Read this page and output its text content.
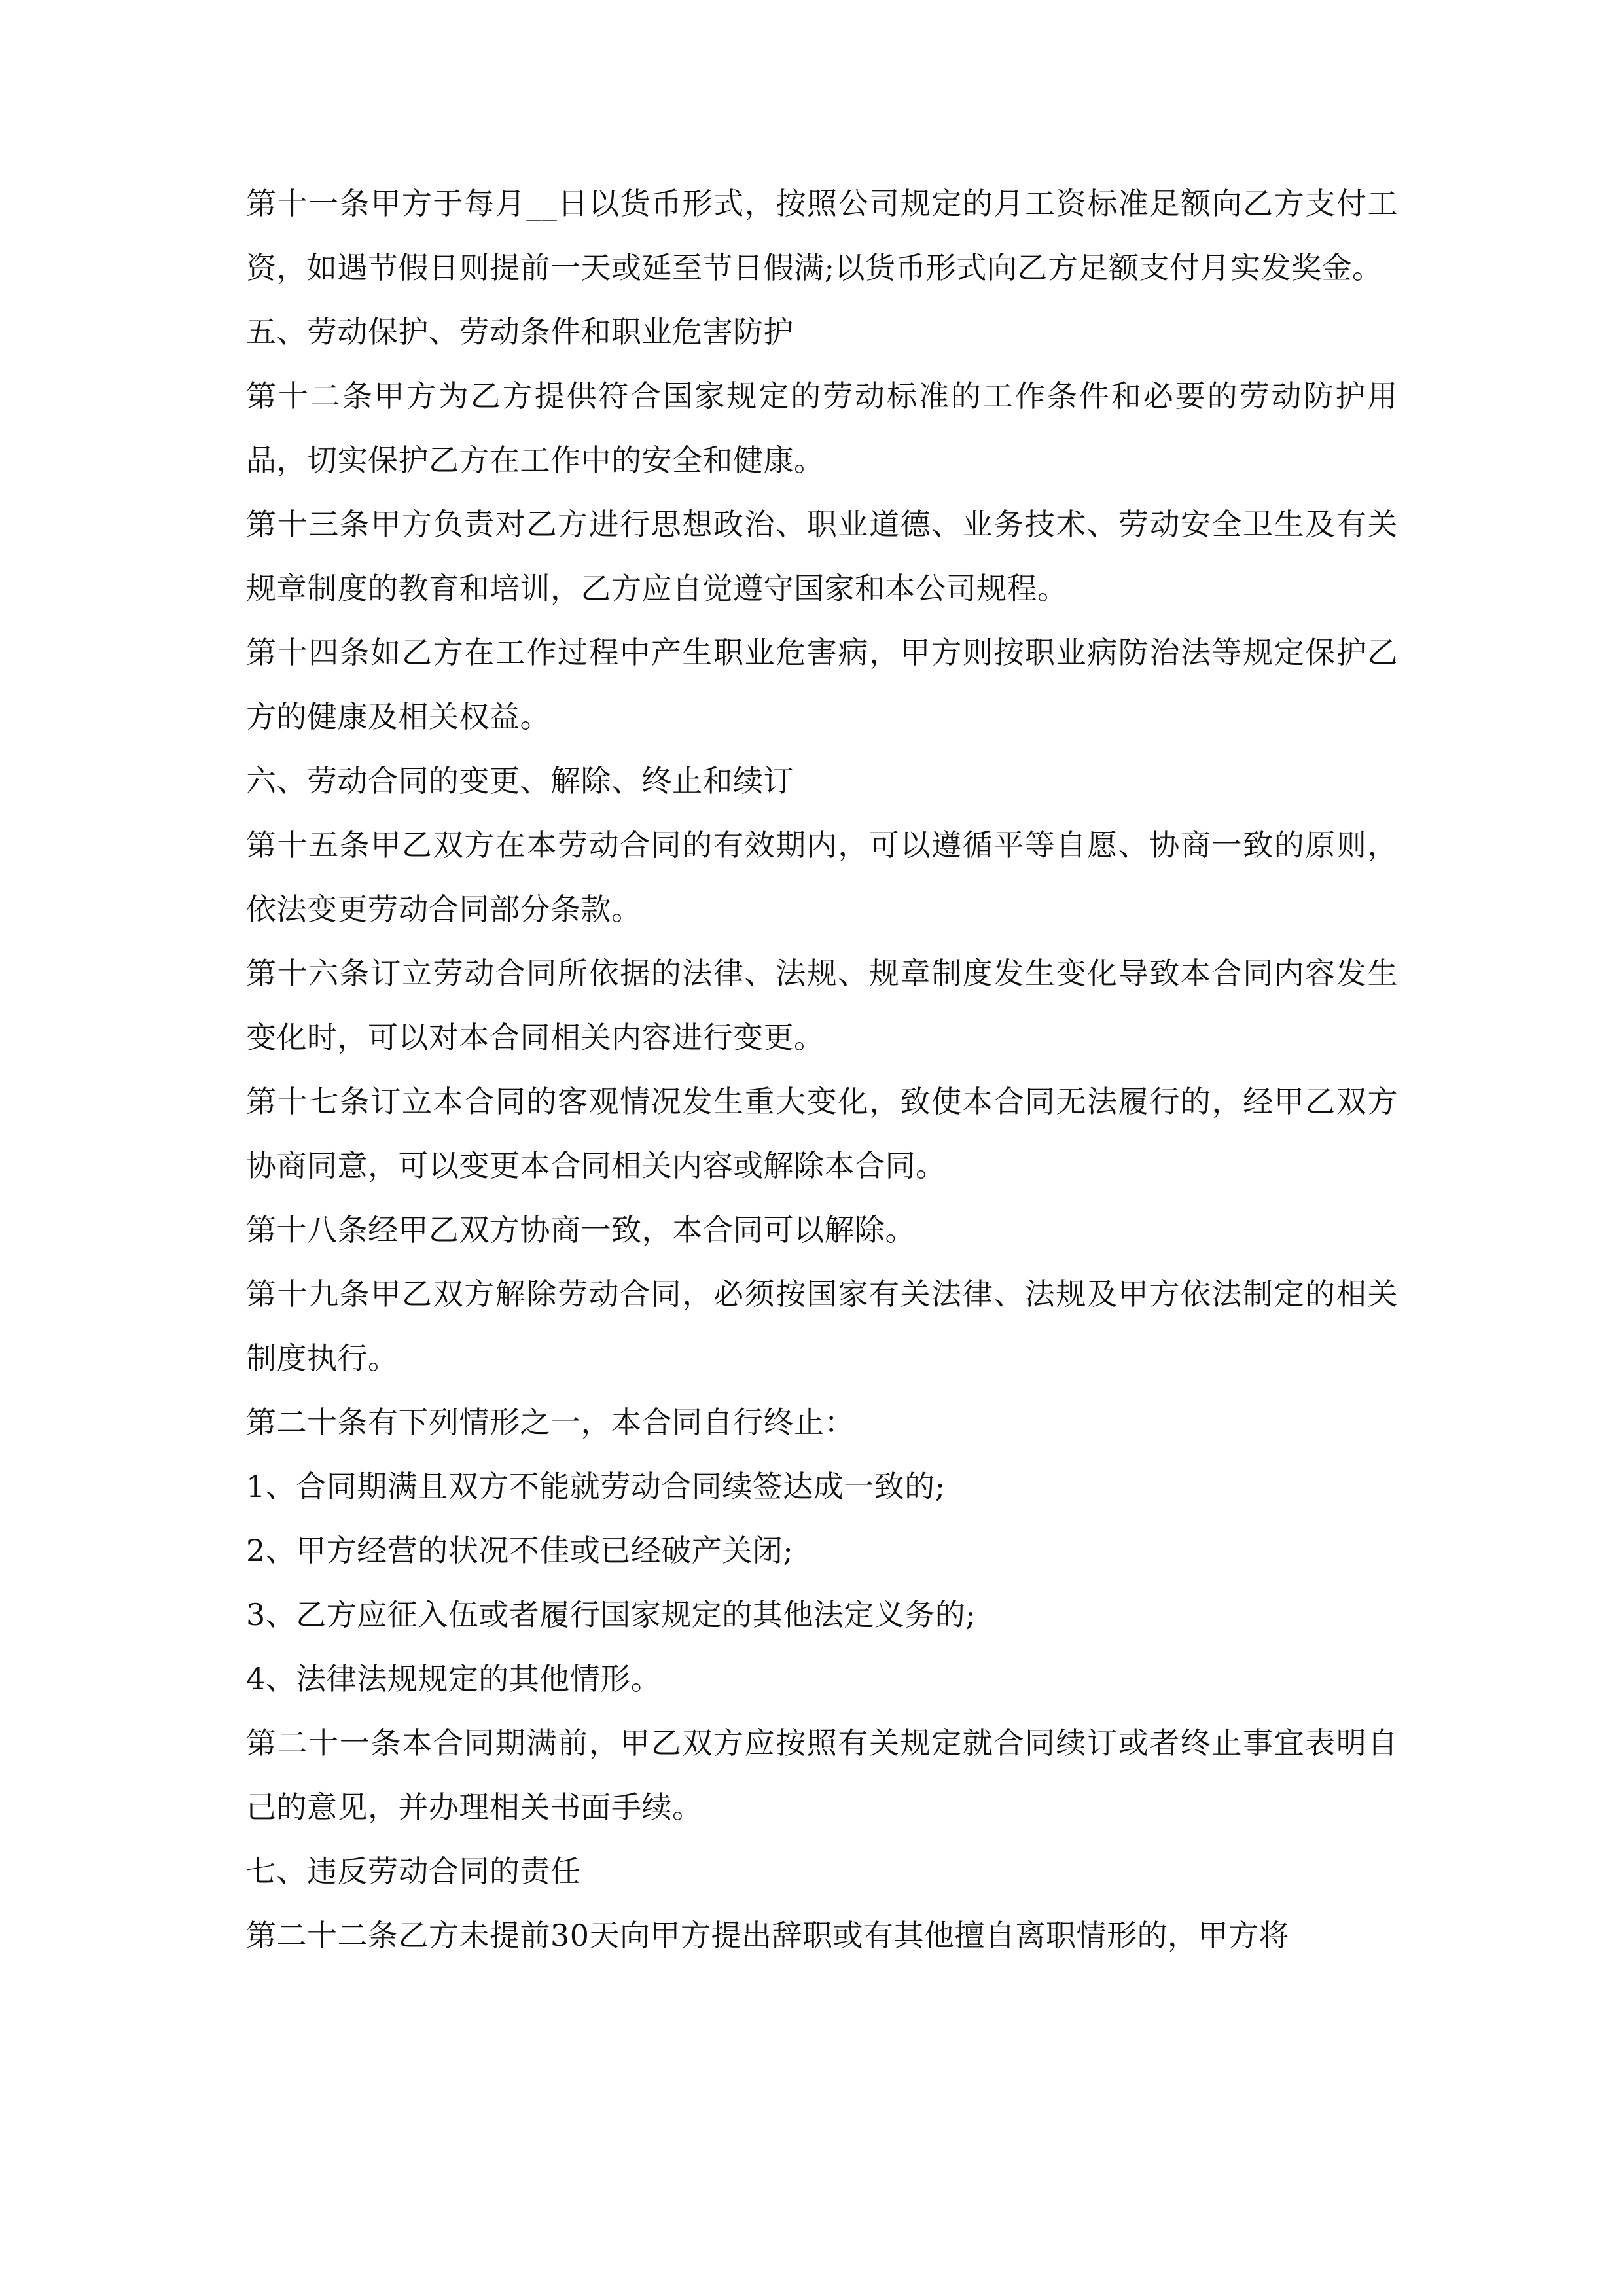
第十一条甲方于每月__日以货币形式，按照公司规定的月工资标准足额向乙方支付工资，如遇节假日则提前一天或延至节日假满;以货币形式向乙方足额支付月实发奖金。

五、劳动保护、劳动条件和职业危害防护

第十二条甲方为乙方提供符合国家规定的劳动标准的工作条件和必要的劳动防护用品，切实保护乙方在工作中的安全和健康。

第十三条甲方负责对乙方进行思想政治、职业道德、业务技术、劳动安全卫生及有关规章制度的教育和培训，乙方应自觉遵守国家和本公司规程。

第十四条如乙方在工作过程中产生职业危害病，甲方则按职业病防治法等规定保护乙方的健康及相关权益。

六、劳动合同的变更、解除、终止和续订

第十五条甲乙双方在本劳动合同的有效期内，可以遵循平等自愿、协商一致的原则，依法变更劳动合同部分条款。

第十六条订立劳动合同所依据的法律、法规、规章制度发生变化导致本合同内容发生变化时，可以对本合同相关内容进行变更。

第十七条订立本合同的客观情况发生重大变化，致使本合同无法履行的，经甲乙双方协商同意，可以变更本合同相关内容或解除本合同。

第十八条经甲乙双方协商一致，本合同可以解除。

第十九条甲乙双方解除劳动合同，必须按国家有关法律、法规及甲方依法制定的相关制度执行。

第二十条有下列情形之一，本合同自行终止：

1、合同期满且双方不能就劳动合同续签达成一致的;

2、甲方经营的状况不佳或已经破产关闭;

3、乙方应征入伍或者履行国家规定的其他法定义务的;

4、法律法规规定的其他情形。

第二十一条本合同期满前，甲乙双方应按照有关规定就合同续订或者终止事宜表明自己的意见，并办理相关书面手续。

七、违反劳动合同的责任

第二十二条乙方未提前30天向甲方提出辞职或有其他擅自离职情形的，甲方将
